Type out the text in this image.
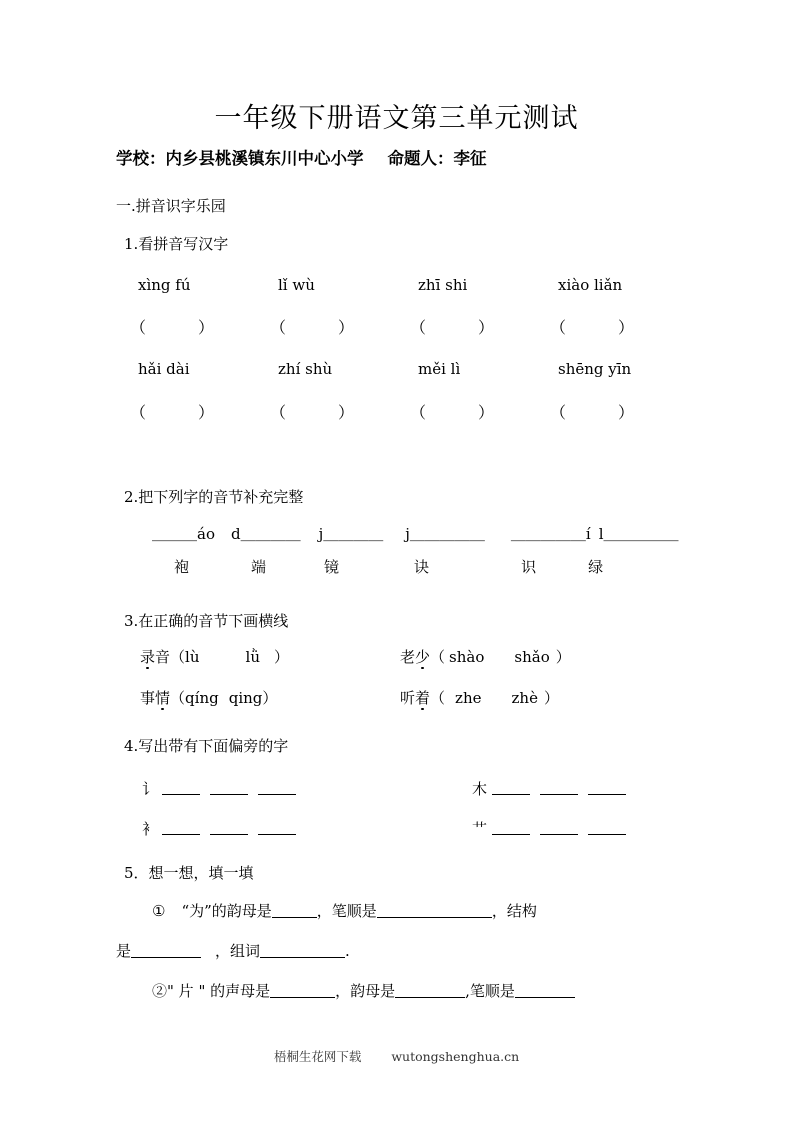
一年级下册语文第三单元测试
学校：内乡县桃溪镇东川中心小学 命题人：李征
一.拼音识字乐园
1.看拼音写汉字
xìng fú	lǐ wù	zhī shi	xiào liǎn
（	）	（	）	（	）	（	）
hǎi dài	zhí shù	měi lì	shēng yīn
（	）	（	）	（	）	（	）
2.把下列字的音节补充完整
＿＿＿áo d＿＿＿＿ j＿＿＿＿ j＿＿＿＿＿ ＿＿＿＿＿í l＿＿＿＿＿
袍	端	镜	诀	识	绿
3.在正确的音节下画横线
录音（lù	lǜ ）	老少（ shào shǎo ）
事情（qíng qing）	听着（ zhe zhè ）
4.写出带有下面偏旁的字
讠	木
衤	艹
5．想一想，填一填
① “为”的韵母是	，笔顺是	，结构
是	，组词	.
②" 片 " 的声母是	，韵母是	,笔顺是
梧桐生花网下载 wutongshenghua.cn
